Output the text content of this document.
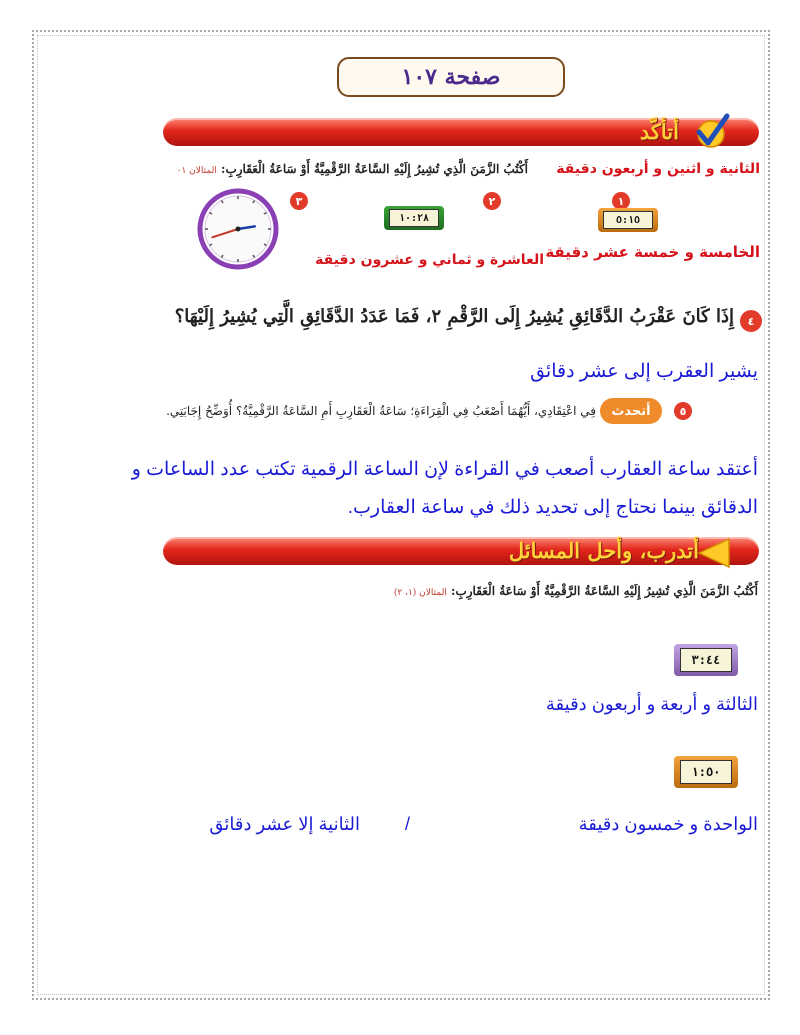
صفحة ١٠٧
أتأكّد
أَكْتُبُ الزَّمَنَ الَّذِي تُشِيرُ إِلَيْهِ السَّاعَةُ الرَّقْمِيَّةُ أَوْ سَاعَةُ الْعَقَارِبِ: المثالان ٠١	الثانية و اثنين و أربعون دقيقة
١
٢
٣
٥:١٥
١٠:٢٨
الخامسة و خمسة عشر دقيقة
العاشرة و ثماني و عشرون دقيقة
٤
إِذَا كَانَ عَقْرَبُ الدَّقَائِقِ يُشِيرُ إِلَى الرَّقْمِ ٢، فَمَا عَدَدُ الدَّقَائِقِ الَّتِي يُشِيرُ إِلَيْهَا؟
يشير العقرب إلى عشر دقائق
٥
أتحدث
فِي اعْتِقَادِي، أَيُّهُمَا أَصْعَبُ فِي الْقِرَاءَةِ؛ سَاعَةُ الْعَقَارِبِ أَمِ السَّاعَةُ الرَّقْمِيَّةُ؟ أُوَضِّحُ إِجَابَتِي.
أعتقد ساعة العقارب أصعب في القراءة لإن الساعة الرقمية تكتب عدد الساعات و
الدقائق بينما نحتاج إلى تحديد ذلك في ساعة العقارب.
أتدرب، وأحل المسائل
أَكْتُبُ الزَّمَنَ الَّذِي تُشِيرُ إِلَيْهِ السَّاعَةُ الرَّقْمِيَّةُ أَوْ سَاعَةُ الْعَقَارِبِ: المثالان (١، ٢)
٣:٤٤
الثالثة و أربعة و أربعون دقيقة
١:٥٠
الواحدة و خمسون دقيقة
/
الثانية إلا عشر دقائق
